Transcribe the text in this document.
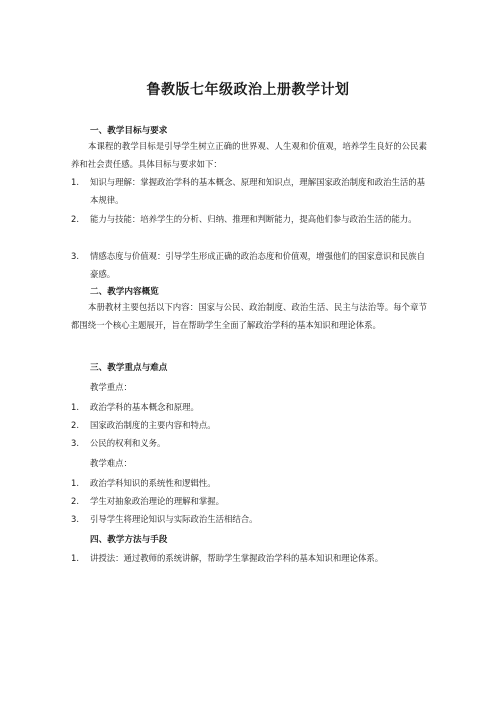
鲁教版七年级政治上册教学计划
一、教学目标与要求
本课程的教学目标是引导学生树立正确的世界观、人生观和价值观，培养学生良好的公民素养和社会责任感。具体目标与要求如下：
1. 知识与理解：掌握政治学科的基本概念、原理和知识点，理解国家政治制度和政治生活的基本规律。
2. 能力与技能：培养学生的分析、归纳、推理和判断能力，提高他们参与政治生活的能力。
3. 情感态度与价值观：引导学生形成正确的政治态度和价值观，增强他们的国家意识和民族自豪感。
二、教学内容概览
本册教材主要包括以下内容：国家与公民、政治制度、政治生活、民主与法治等。每个章节都围绕一个核心主题展开，旨在帮助学生全面了解政治学科的基本知识和理论体系。
三、教学重点与难点
教学重点：
1. 政治学科的基本概念和原理。
2. 国家政治制度的主要内容和特点。
3. 公民的权利和义务。
教学难点：
1. 政治学科知识的系统性和逻辑性。
2. 学生对抽象政治理论的理解和掌握。
3. 引导学生将理论知识与实际政治生活相结合。
四、教学方法与手段
1. 讲授法：通过教师的系统讲解，帮助学生掌握政治学科的基本知识和理论体系。
